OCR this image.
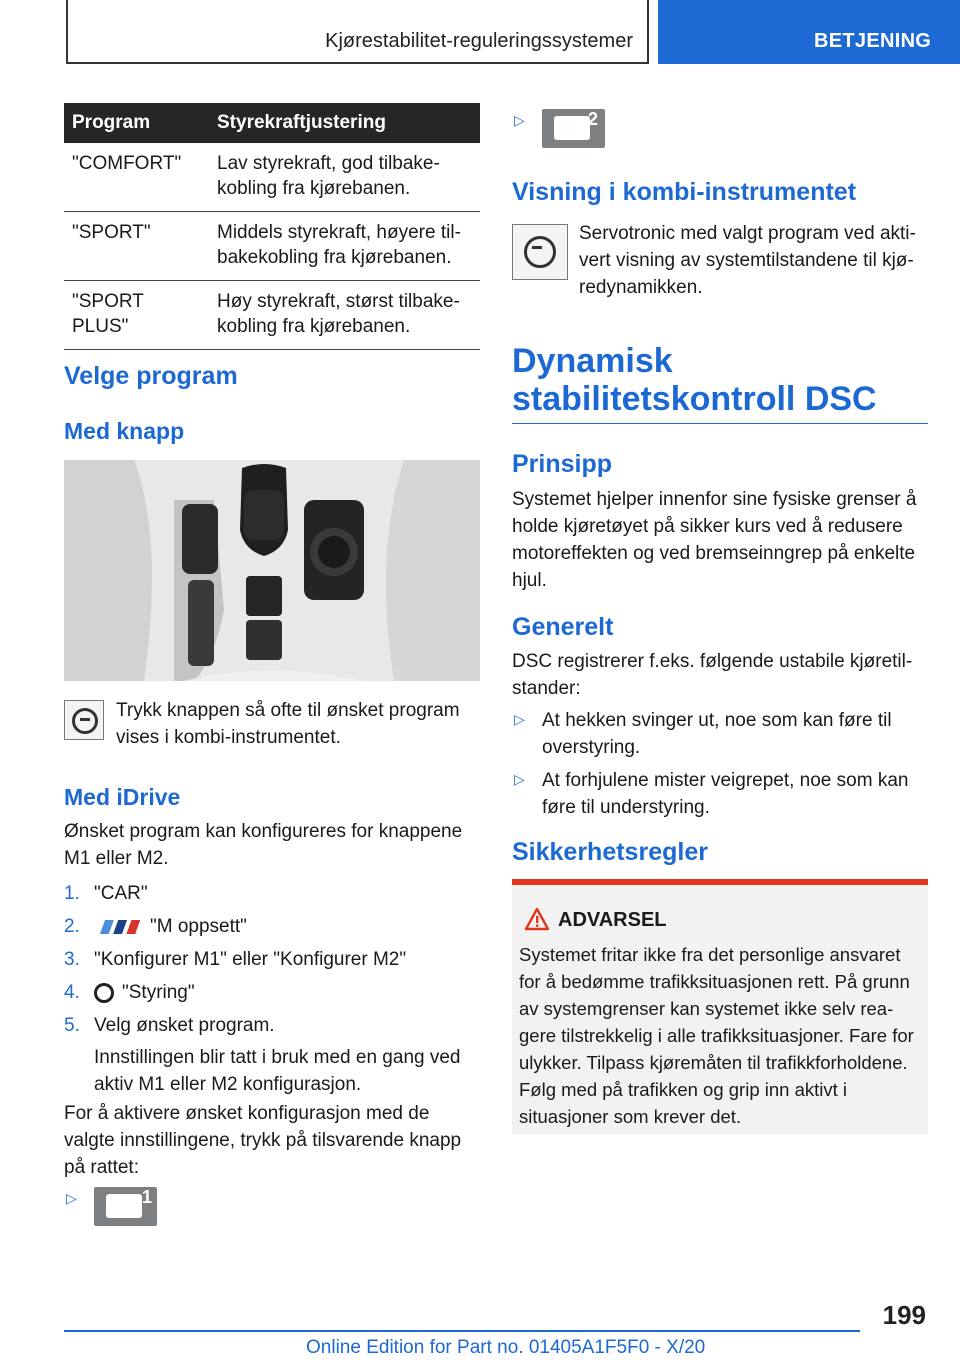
Kjørestabilitet-reguleringssystemer	BETJENING
Program	Styrekraftjustering
"COMFORT"	Lav styrekraft, god tilbakekobling fra kjørebanen.
"SPORT"	Middels styrekraft, høyere tilbakekobling fra kjørebanen.
"SPORT PLUS"	Høy styrekraft, størst tilbakekobling fra kjørebanen.
Velge program
Med knapp
Trykk knappen så ofte til ønsket program vises i kombi-instrumentet.
Med iDrive
Ønsket program kan konfigureres for knappene M1 eller M2.
1. "CAR"
2.	"M oppsett"
3. "Konfigurer M1" eller "Konfigurer M2"
4. "Styring"
5. Velg ønsket program.
Innstillingen blir tatt i bruk med en gang ved aktiv M1 eller M2 konfigurasjon.
For å aktivere ønsket konfigurasjon med de valgte innstillingene, trykk på tilsvarende knapp på rattet:
▷	1
▷	2
Visning i kombi-instrumentet
Servotronic med valgt program ved aktivert visning av systemtilstandene til kjøredynamikken.
Dynamisk
stabilitetskontroll DSC
Prinsipp
Systemet hjelper innenfor sine fysiske grenser å holde kjøretøyet på sikker kurs ved å redusere motoreffekten og ved bremseinngrep på enkelte hjul.
Generelt
DSC registrerer f.eks. følgende ustabile kjøretilstander:
▷ At hekken svinger ut, noe som kan føre til overstyring.
▷ At forhjulene mister veigrepet, noe som kan føre til understyring.
Sikkerhetsregler
ADVARSEL
Systemet fritar ikke fra det personlige ansvaret for å bedømme trafikksituasjonen rett. På grunn av systemgrenser kan systemet ikke selv reagere tilstrekkelig i alle trafikksituasjoner. Fare for ulykker. Tilpass kjøremåten til trafikkforholdene. Følg med på trafikken og grip inn aktivt i situasjoner som krever det.
199
Online Edition for Part no. 01405A1F5F0 - X/20
